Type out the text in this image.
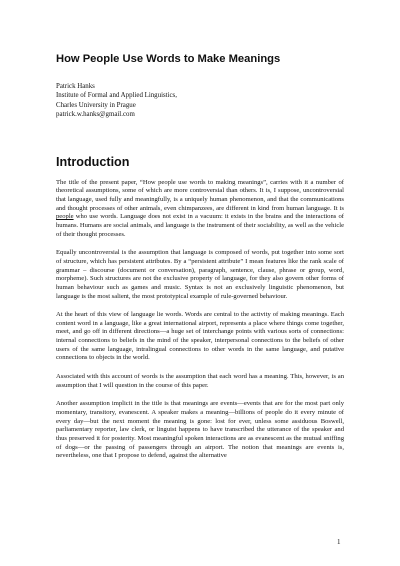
How People Use Words to Make Meanings
Patrick Hanks
Institute of Formal and Applied Linguistics,
Charles University in Prague
patrick.w.hanks@gmail.com
Introduction

The title of the present paper, “How people use words to making meanings”, carries with it a number of theoretical assumptions, some of which are more controversial than others. It is, I suppose, uncontroversial that language, used fully and meaningfully, is a uniquely human phenomenon, and that the communications and thought processes of other animals, even chimpanzees, are different in kind from human language. It is people who use words. Language does not exist in a vacuum: it exists in the brains and the interactions of humans. Humans are social animals, and language is the instrument of their sociability, as well as the vehicle of their thought processes.

Equally uncontroversial is the assumption that language is composed of words, put together into some sort of structure, which has persistent attributes. By a “persistent attribute” I mean features like the rank scale of grammar – discourse (document or conversation), paragraph, sentence, clause, phrase or group, word, morpheme). Such structures are not the exclusive property of language, for they also govern other forms of human behaviour such as games and music. Syntax is not an exclusively linguistic phenomenon, but language is the most salient, the most prototypical example of rule-governed behaviour.

At the heart of this view of language lie words. Words are central to the activity of making meanings. Each content word in a language, like a great international airport, represents a place where things come together, meet, and go off in different directions—a huge set of interchange points with various sorts of connections: internal connections to beliefs in the mind of the speaker, interpersonal connections to the beliefs of other users of the same language, intralingual connections to other words in the same language, and putative connections to objects in the world.

Associated with this account of words is the assumption that each word has a meaning. This, however, is an assumption that I will question in the course of this paper.

Another assumption implicit in the title is that meanings are events—events that are for the most part only momentary, transitory, evanescent. A speaker makes a meaning—billions of people do it every minute of every day—but the next moment the meaning is gone: lost for ever, unless some assiduous Boswell, parliamentary reporter, law clerk, or linguist happens to have transcribed the utterance of the speaker and thus preserved it for posterity. Most meaningful spoken interactions are as evanescent as the mutual sniffing of dogs—or the passing of passengers through an airport. The notion that meanings are events is, nevertheless, one that I propose to defend, against the alternative

1
